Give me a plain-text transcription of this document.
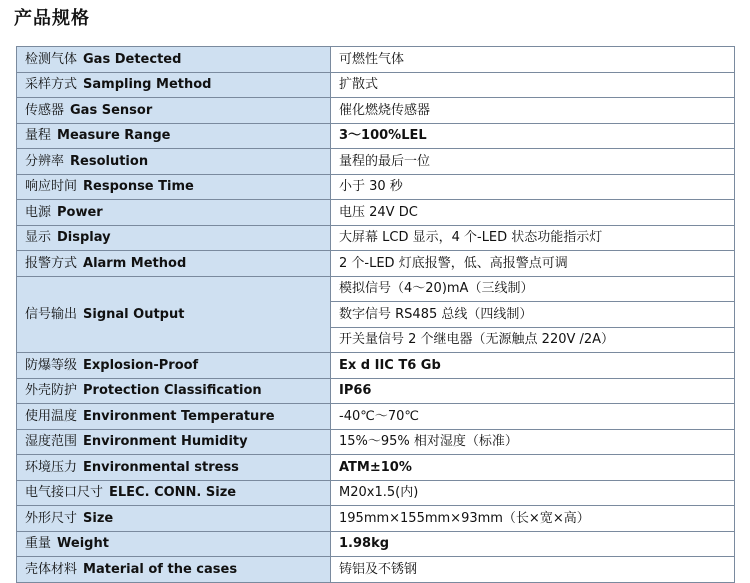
产品规格
检测气体 Gas Detected	可燃性气体
采样方式 Sampling Method	扩散式
传感器 Gas Sensor	催化燃烧传感器
量程 Measure Range	3～100%LEL
分辨率 Resolution	量程的最后一位
响应时间 Response Time	小于 30 秒
电源 Power	电压 24V DC
显示 Display	大屏幕 LCD 显示，4 个-LED 状态功能指示灯
报警方式 Alarm Method	2 个-LED 灯底报警，低、高报警点可调
信号输出 Signal Output	模拟信号（4～20)mA（三线制）
	数字信号 RS485 总线（四线制）
	开关量信号 2 个继电器（无源触点 220V /2A）
防爆等级 Explosion-Proof	Ex d IIC T6 Gb
外壳防护 Protection Classification	IP66
使用温度 Environment Temperature	-40℃～70℃
湿度范围 Environment Humidity	15%～95% 相对湿度（标准）
环境压力 Environmental stress	ATM±10%
电气接口尺寸 ELEC. CONN. Size	M20x1.5(内)
外形尺寸 Size	195mm×155mm×93mm（长×宽×高）
重量 Weight	1.98kg
壳体材料 Material of the cases	铸铝及不锈钢
